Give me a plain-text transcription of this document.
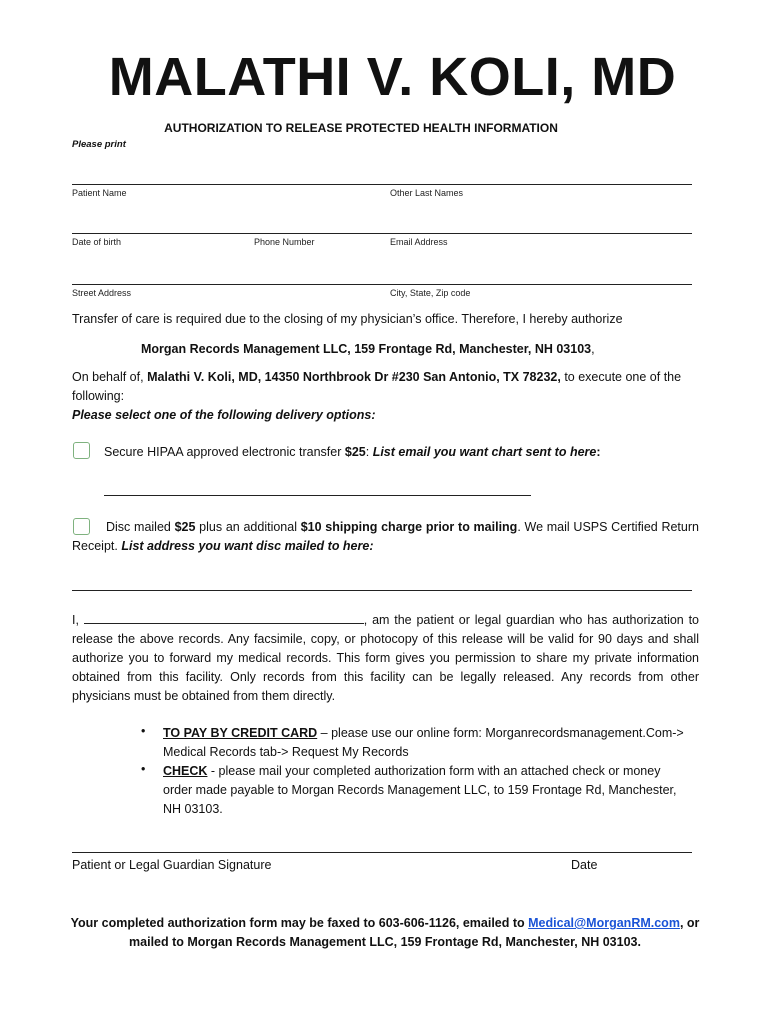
MALATHI V. KOLI, MD
AUTHORIZATION TO RELEASE PROTECTED HEALTH INFORMATION
Please print
Patient Name	Other Last Names
Date of birth	Phone Number	Email Address
Street Address	City, State, Zip code
Transfer of care is required due to the closing of my physician’s office. Therefore, I hereby authorize
Morgan Records Management LLC, 159 Frontage Rd, Manchester, NH 03103,
On behalf of, Malathi V. Koli, MD, 14350 Northbrook Dr #230 San Antonio, TX 78232, to execute one of the following:
Please select one of the following delivery options:
Secure HIPAA approved electronic transfer $25: List email you want chart sent to here:
Disc mailed $25 plus an additional $10 shipping charge prior to mailing. We mail USPS Certified Return Receipt. List address you want disc mailed to here:
I,	, am the patient or legal guardian who has authorization to release the above records. Any facsimile, copy, or photocopy of this release will be valid for 90 days and shall authorize you to forward my medical records. This form gives you permission to share my private information obtained from this facility. Only records from this facility can be legally released. Any records from other physicians must be obtained from them directly.
• TO PAY BY CREDIT CARD – please use our online form: Morganrecordsmanagement.Com-> Medical Records tab-> Request My Records
• CHECK - please mail your completed authorization form with an attached check or money order made payable to Morgan Records Management LLC, to 159 Frontage Rd, Manchester, NH 03103.
Patient or Legal Guardian Signature	Date
Your completed authorization form may be faxed to 603-606-1126, emailed to Medical@MorganRM.com, or
mailed to Morgan Records Management LLC, 159 Frontage Rd, Manchester, NH 03103.
